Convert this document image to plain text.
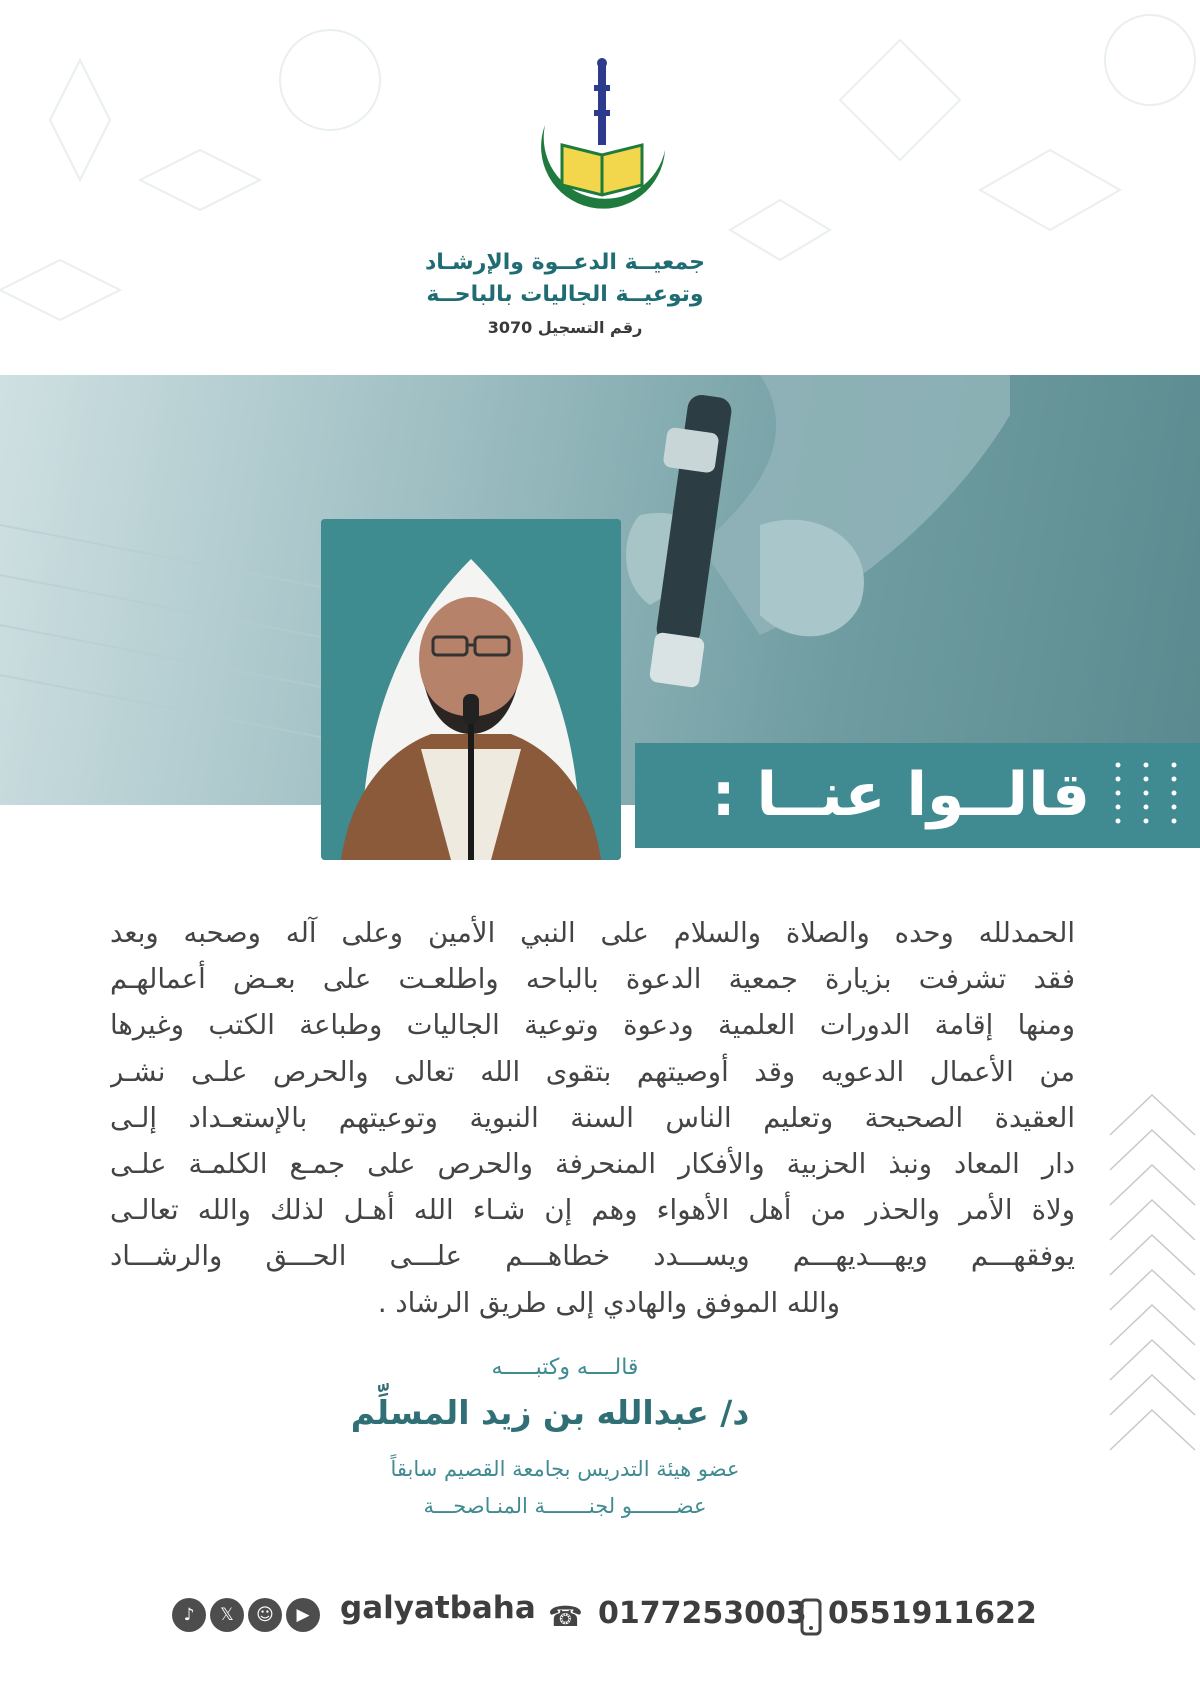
جمعيــة الدعــوة والإرشـاد
وتوعيــة الجاليات بالباحــة
رقم التسجيل 3070
قالــوا عنــا :
الحمدلله وحده والصلاة والسلام على النبي الأمين وعلى آله وصحبه وبعد
فقد تشرفت بزيارة جمعية الدعوة بالباحه واطلعـت على بعـض أعمالهـم
ومنها إقامة الدورات العلمية ودعوة وتوعية الجاليات وطباعة الكتب وغيرها
من الأعمال الدعويه وقد أوصيتهم بتقوى الله تعالى والحرص علـى نشـر
العقيدة الصحيحة وتعليم الناس السنة النبوية وتوعيتهم بالإستعـداد إلـى
دار المعاد ونبذ الحزبية والأفكار المنحرفة والحرص على جمـع الكلمـة علـى
ولاة الأمر والحذر من أهل الأهواء وهم إن شـاء الله أهـل لذلك والله تعالـى
يوفقهـــم ويهـــديهـــم ويســـدد خطاهـــم علـــى الحـــق والرشـــاد
والله الموفق والهادي إلى طريق الرشاد .
قالــــه وكتبـــــه
د/ عبدالله بن زيد المسلِّم
عضو هيئة التدريس بجامعة القصيم سابقاً
عضـــــــو لجنـــــــة المنـاصحـــة
♪	𝕏	☺	▶ galyatbaha ☎ 0177253003 0551911622
